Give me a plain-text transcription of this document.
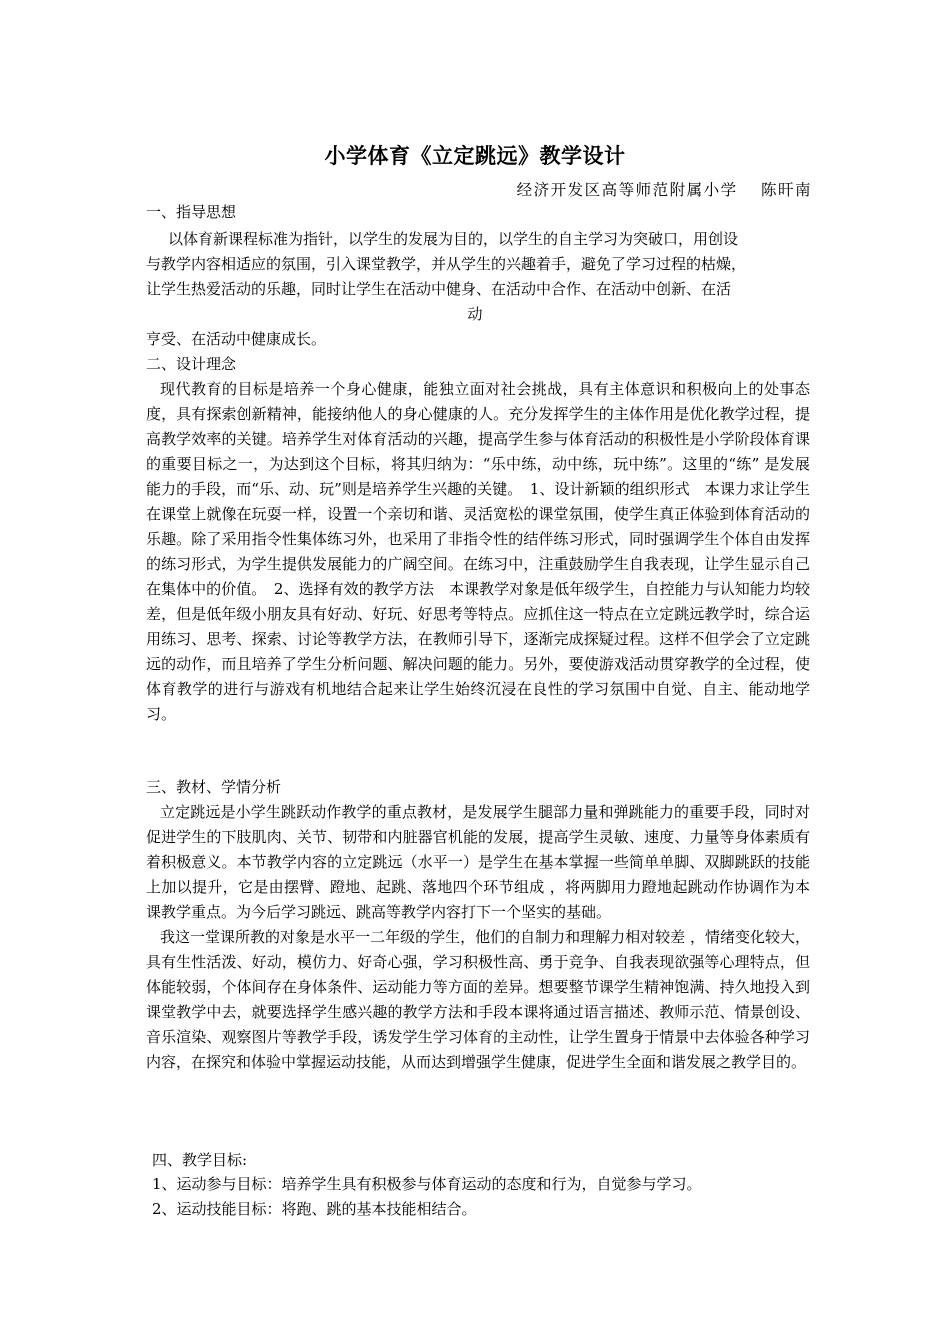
小学体育《立定跳远》教学设计
经济开发区高等师范附属小学　 陈旰南
一、指导思想
以体育新课程标准为指针，以学生的发展为目的，以学生的自主学习为突破口，用创设
与教学内容相适应的氛围，引入课堂教学，并从学生的兴趣着手，避免了学习过程的枯燥，
让学生热爱活动的乐趣，同时让学生在活动中健身、在活动中合作、在活动中创新、在活
动
亨受、在活动中健康成长。
二、设计理念

现代教育的目标是培养一个身心健康，能独立面对社会挑战，具有主体意识和积极向上的处事态度，具有探索创新精神，能接纳他人的身心健康的人。充分发挥学生的主体作用是优化教学过程，提高教学效率的关键。培养学生对体育活动的兴趣，提高学生参与体育活动的积极性是小学阶段体育课的重要目标之一，为达到这个目标，将其归纳为：“乐中练，动中练，玩中练”。这里的“练” 是发展能力的手段，而“乐、动、玩”则是培养学生兴趣的关键。　1、设计新颖的组织形式　本课力求让学生在课堂上就像在玩耍一样，设置一个亲切和谐、灵活宽松的课堂氛围，使学生真正体验到体育活动的乐趣。除了采用指令性集体练习外，也采用了非指令性的结伴练习形式，同时强调学生个体自由发挥的练习形式，为学生提供发展能力的广阔空间。在练习中，注重鼓励学生自我表现，让学生显示自己在集体中的价值。　2、选择有效的教学方法　本课教学对象是低年级学生，自控能力与认知能力均较差，但是低年级小朋友具有好动、好玩、好思考等特点。应抓住这一特点在立定跳远教学时，综合运用练习、思考、探索、讨论等教学方法，在教师引导下，逐渐完成探疑过程。这样不但学会了立定跳远的动作，而且培养了学生分析问题、解决问题的能力。另外，要使游戏活动贯穿教学的全过程，使体育教学的进行与游戏有机地结合起来让学生始终沉浸在良性的学习氛围中自觉、自主、能动地学习。

三、教材、学情分析

立定跳远是小学生跳跃动作教学的重点教材，是发展学生腿部力量和弹跳能力的重要手段，同时对促进学生的下肢肌肉、关节、韧带和内脏器官机能的发展，提高学生灵敏、速度、力量等身体素质有着积极意义。本节教学内容的立定跳远（水平一）是学生在基本掌握一些简单单脚、双脚跳跃的技能上加以提升，它是由摆臂、蹬地、起跳、落地四个环节组成 ，将两脚用力蹬地起跳动作协调作为本课教学重点。为今后学习跳远、跳高等教学内容打下一个坚实的基础。

我这一堂课所教的对象是水平一二年级的学生，他们的自制力和理解力相对较差 ，情绪变化较大，具有生性活泼、好动，模仿力、好奇心强，学习积极性高、勇于竞争、自我表现欲强等心理特点，但体能较弱，个体间存在身体条件、运动能力等方面的差异。想要整节课学生精神饱满、持久地投入到课堂教学中去，就要选择学生感兴趣的教学方法和手段本课将通过语言描述、教师示范、情景创设、音乐渲染、观察图片等教学手段，诱发学生学习体育的主动性，让学生置身于情景中去体验各种学习内容，在探究和体验中掌握运动技能，从而达到增强学生健康，促进学生全面和谐发展之教学目的。

四、教学目标:
1、运动参与目标：培养学生具有积极参与体育运动的态度和行为，自觉参与学习。
2、运动技能目标：将跑、跳的基本技能相结合。
